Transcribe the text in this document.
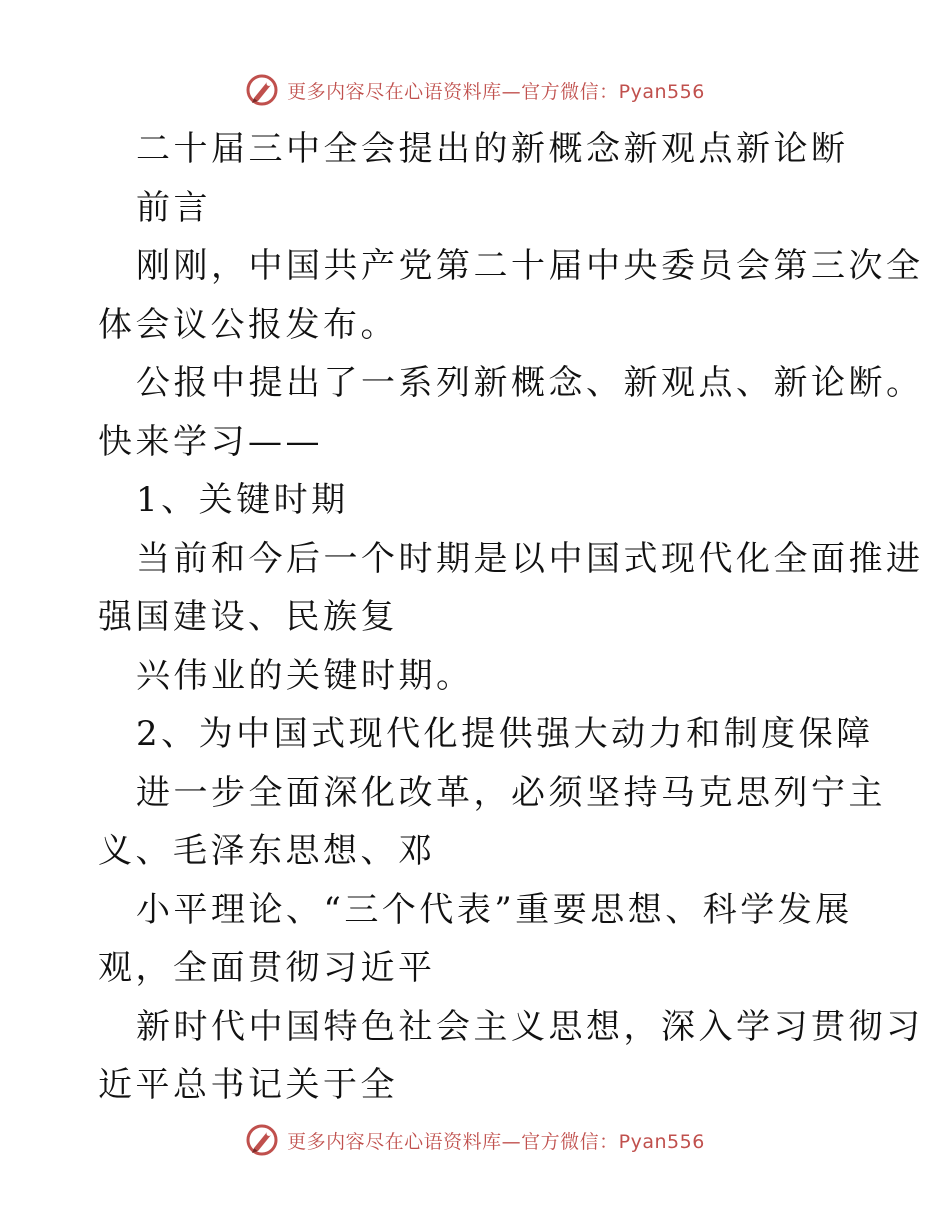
更多内容尽在心语资料库—官方微信：Pyan556
二十届三中全会提出的新概念新观点新论断
前言
刚刚，中国共产党第二十届中央委员会第三次全
体会议公报发布。
公报中提出了一系列新概念、新观点、新论断。
快来学习——
1、关键时期
当前和今后一个时期是以中国式现代化全面推进
强国建设、民族复
兴伟业的关键时期。
2、为中国式现代化提供强大动力和制度保障
进一步全面深化改革，必须坚持马克思列宁主
义、毛泽东思想、邓
小平理论、“三个代表”重要思想、科学发展
观，全面贯彻习近平
新时代中国特色社会主义思想，深入学习贯彻习
近平总书记关于全
更多内容尽在心语资料库—官方微信：Pyan556
